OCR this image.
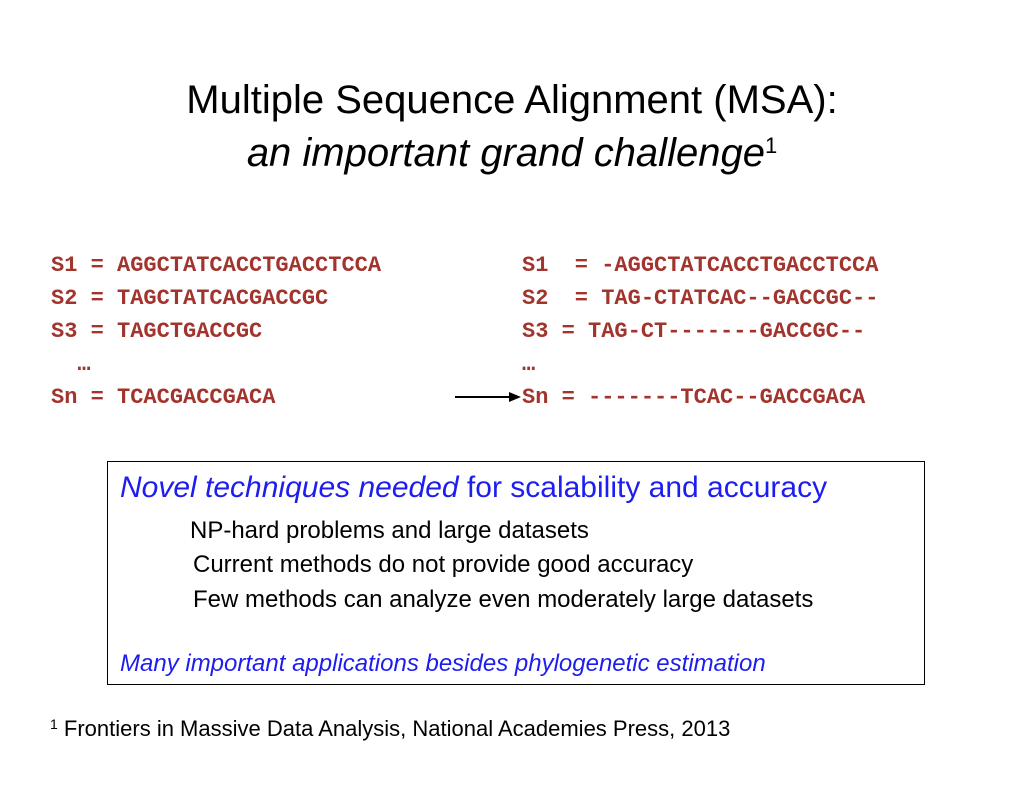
Multiple Sequence Alignment (MSA):
an important grand challenge$^1$
S1 = AGGCTATCACCTGACCTCCA
S2 = TAGCTATCACGACCGC
S3 = TAGCTGACCGC
…
Sn = TCACGACCGACA
S1  = -AGGCTATCACCTGACCTCCA
S2  = TAG-CTATCAC--GACCGC--
S3 = TAG-CT-------GACCGC--
…
Sn = -------TCAC--GACCGACA
Novel techniques needed for scalability and accuracy
NP-hard problems and large datasets
Current methods do not provide good accuracy
Few methods can analyze even moderately large datasets
Many important applications besides phylogenetic estimation
$^1$ Frontiers in Massive Data Analysis, National Academies Press, 2013
